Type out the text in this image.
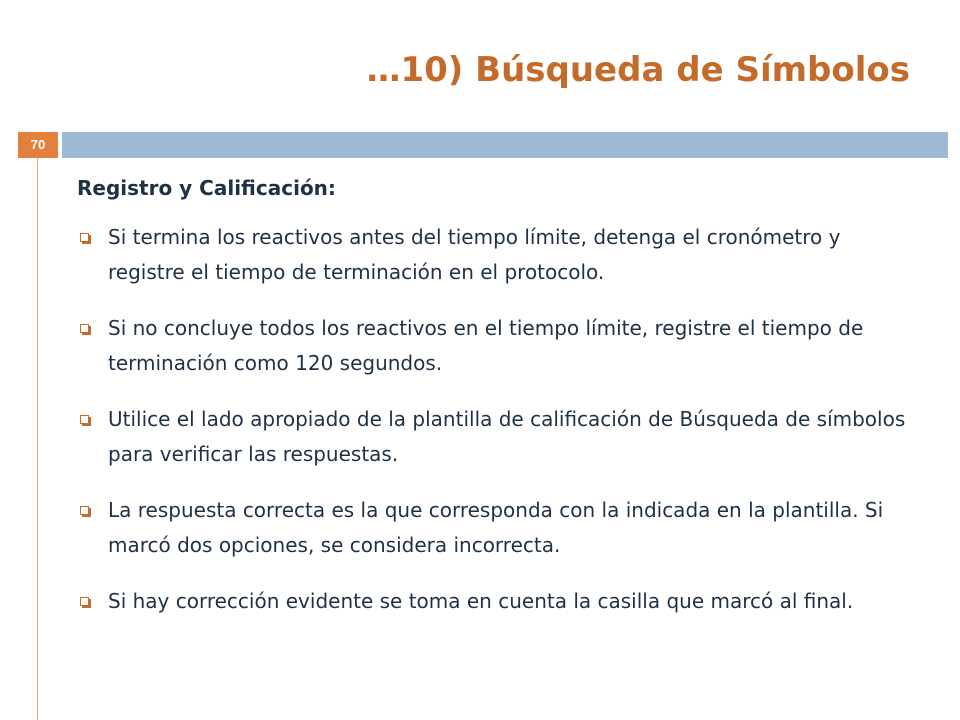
…10) Búsqueda de Símbolos
70
Registro y Calificación:
Si termina los reactivos antes del tiempo límite, detenga el cronómetro y registre el tiempo de terminación en el protocolo.
Si no concluye todos los reactivos en el tiempo límite, registre el tiempo de terminación como 120 segundos.
Utilice el lado apropiado de la plantilla de calificación de Búsqueda de símbolos para verificar las respuestas.
La respuesta correcta es la que corresponda con la indicada en la plantilla. Si marcó dos opciones, se considera incorrecta.
Si hay corrección evidente se toma en cuenta la casilla que marcó al final.
